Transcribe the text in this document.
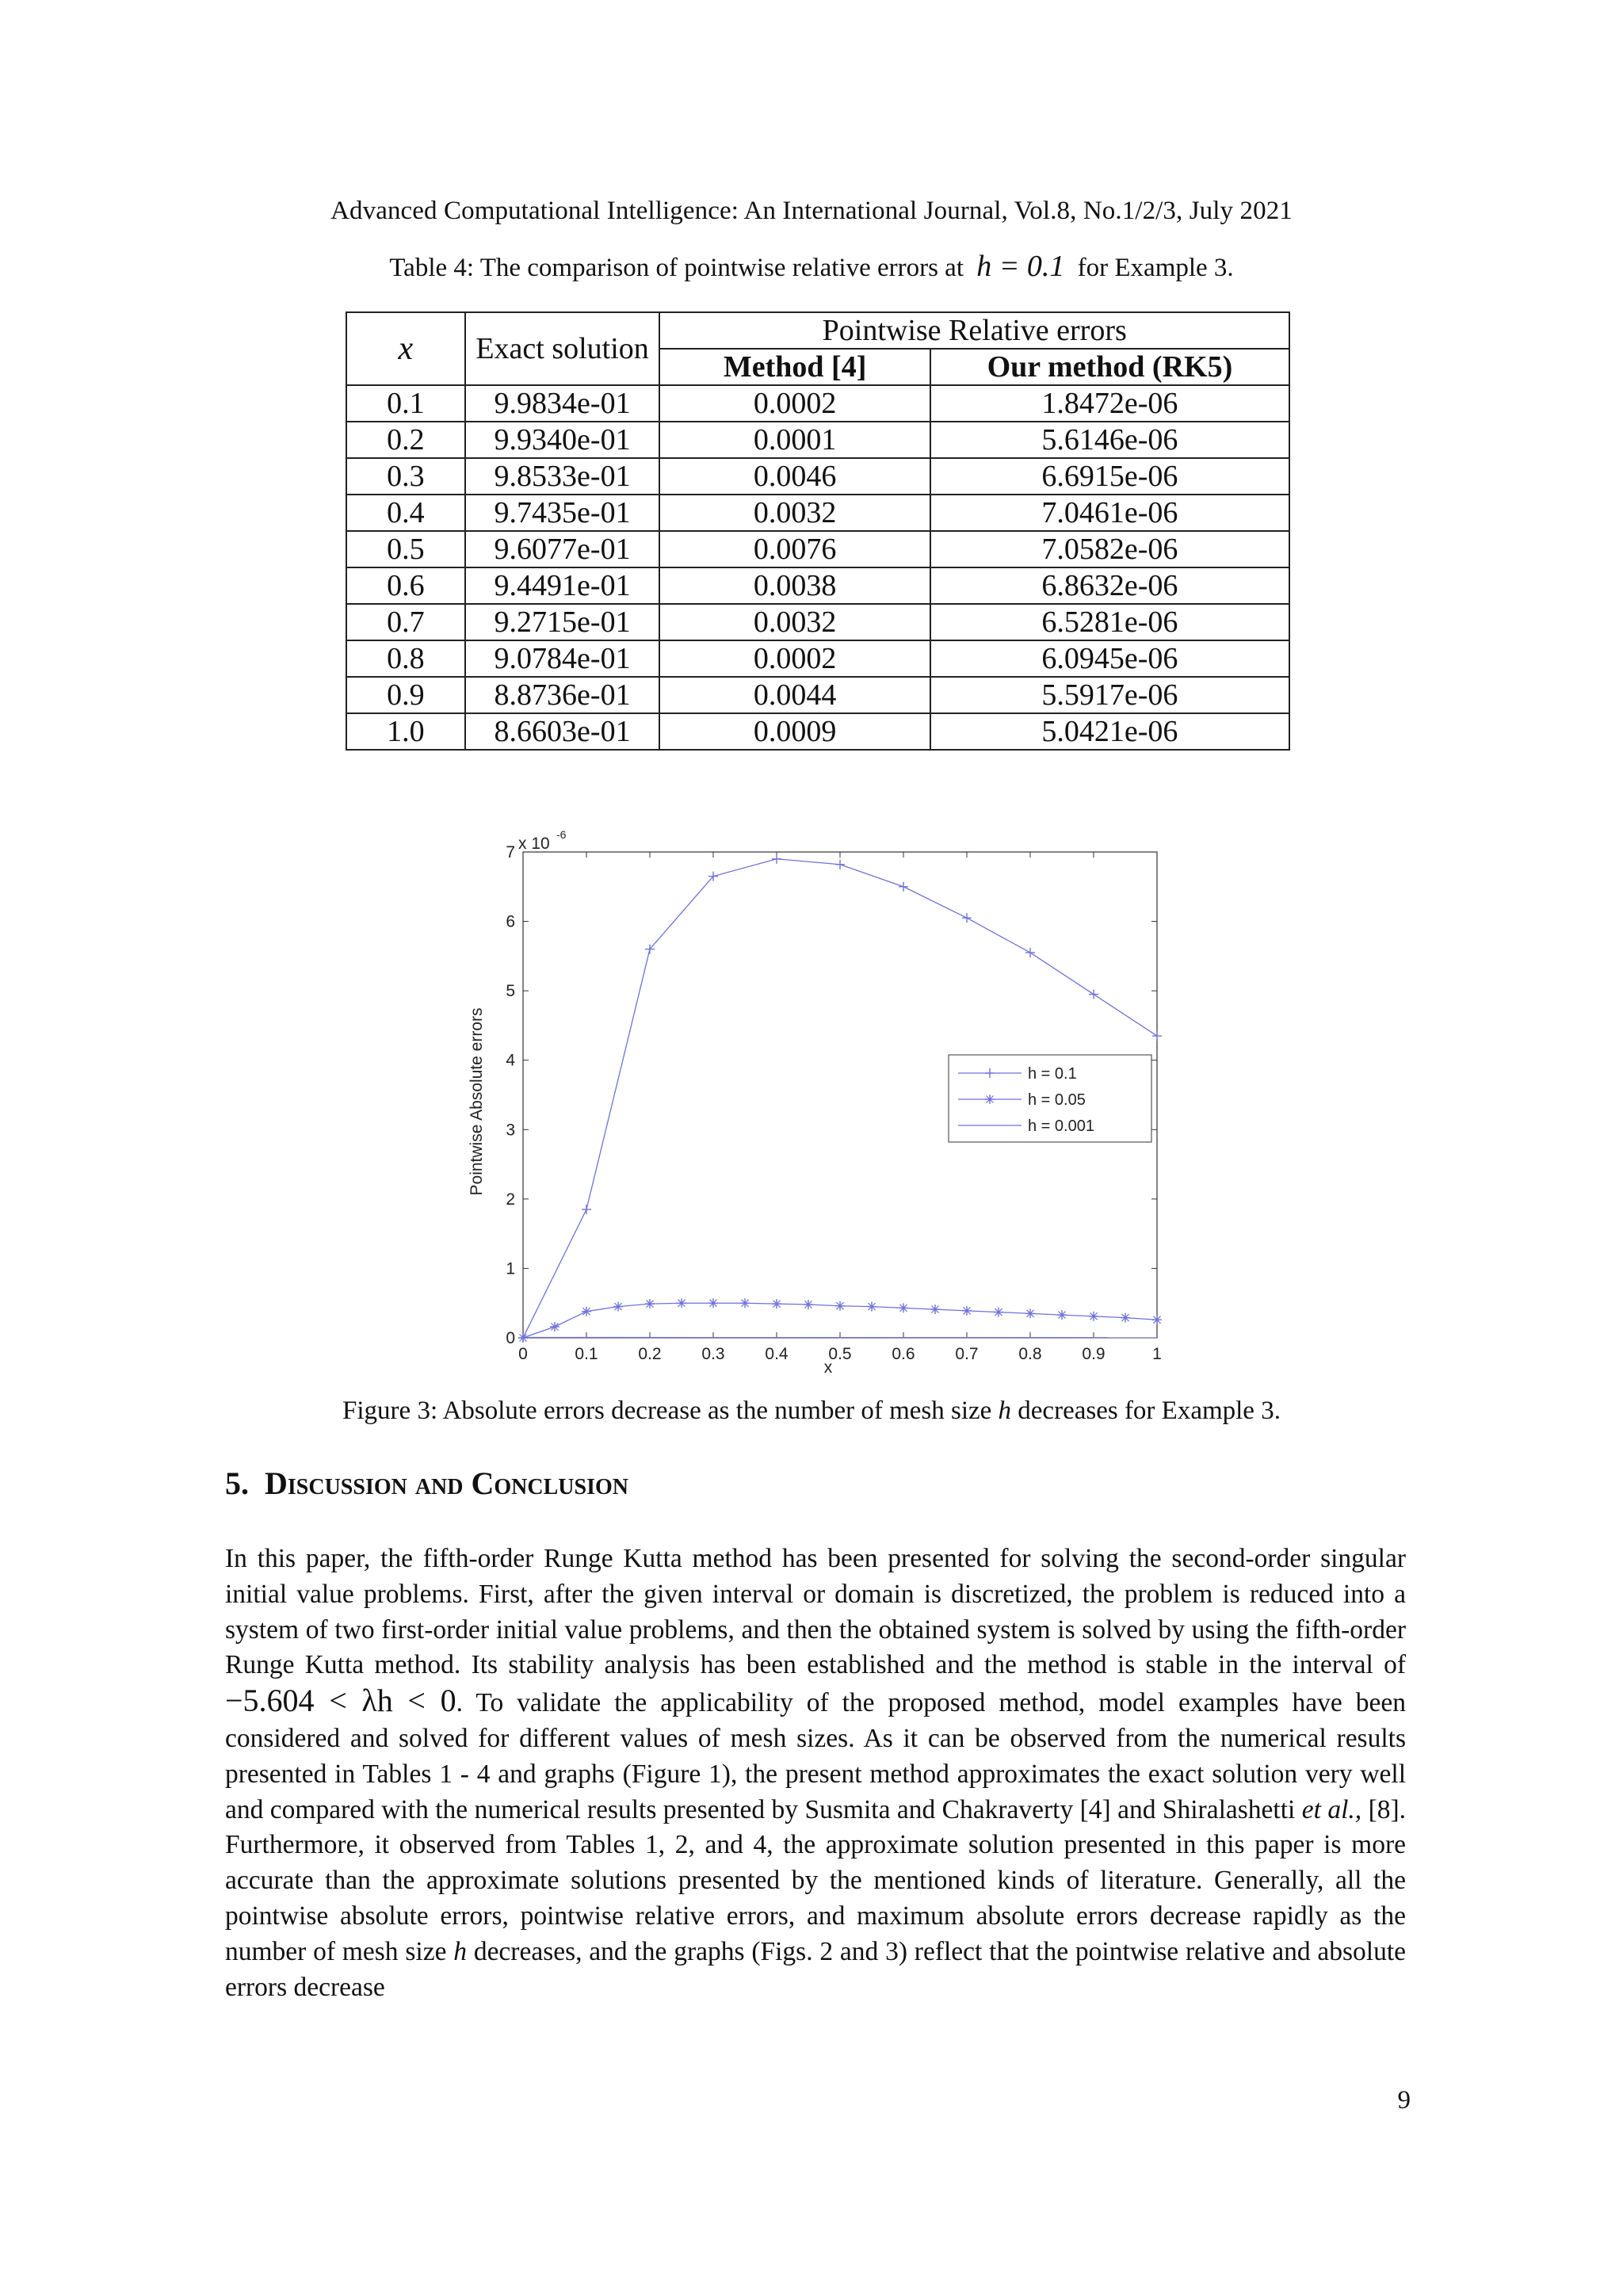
Advanced Computational Intelligence: An International Journal, Vol.8, No.1/2/3, July 2021
Table 4: The comparison of pointwise relative errors at h = 0.1 for Example 3.
x	Exact solution	Pointwise Relative errors	
		Method [4]	Our method (RK5)
0.1	9.9834e-01	0.0002	1.8472e-06
0.2	9.9340e-01	0.0001	5.6146e-06
0.3	9.8533e-01	0.0046	6.6915e-06
0.4	9.7435e-01	0.0032	7.0461e-06
0.5	9.6077e-01	0.0076	7.0582e-06
0.6	9.4491e-01	0.0038	6.8632e-06
0.7	9.2715e-01	0.0032	6.5281e-06
0.8	9.0784e-01	0.0002	6.0945e-06
0.9	8.8736e-01	0.0044	5.5917e-06
1.0	8.6603e-01	0.0009	5.0421e-06
0	0.1 0.2 0.3 0.4 0.5 0.6 0.7 0.8 0.9	1
0
1
2
3
4
5
6
7
h = 0.1
h = 0.05
h = 0.001
Pointwise Absolute errors
x
x 10 -6
Figure 3: Absolute errors decrease as the number of mesh size h decreases for Example 3.
5. Discussion and Conclusion
In this paper, the fifth-order Runge Kutta method has been presented for solving the second-order singular initial value problems. First, after the given interval or domain is discretized, the problem is reduced into a system of two first-order initial value problems, and then the obtained system is solved by using the fifth-order Runge Kutta method. Its stability analysis has been established and the method is stable in the interval of −5.604 < λh < 0. To validate the applicability of the proposed method, model examples have been considered and solved for different values of mesh sizes. As it can be observed from the numerical results presented in Tables 1 - 4 and graphs (Figure 1), the present method approximates the exact solution very well and compared with the numerical results presented by Susmita and Chakraverty [4] and Shiralashetti et al., [8]. Furthermore, it observed from Tables 1, 2, and 4, the approximate solution presented in this paper is more accurate than the approximate solutions presented by the mentioned kinds of literature. Generally, all the pointwise absolute errors, pointwise relative errors, and maximum absolute errors decrease rapidly as the number of mesh size h decreases, and the graphs (Figs. 2 and 3) reflect that the pointwise relative and absolute errors decrease
9
